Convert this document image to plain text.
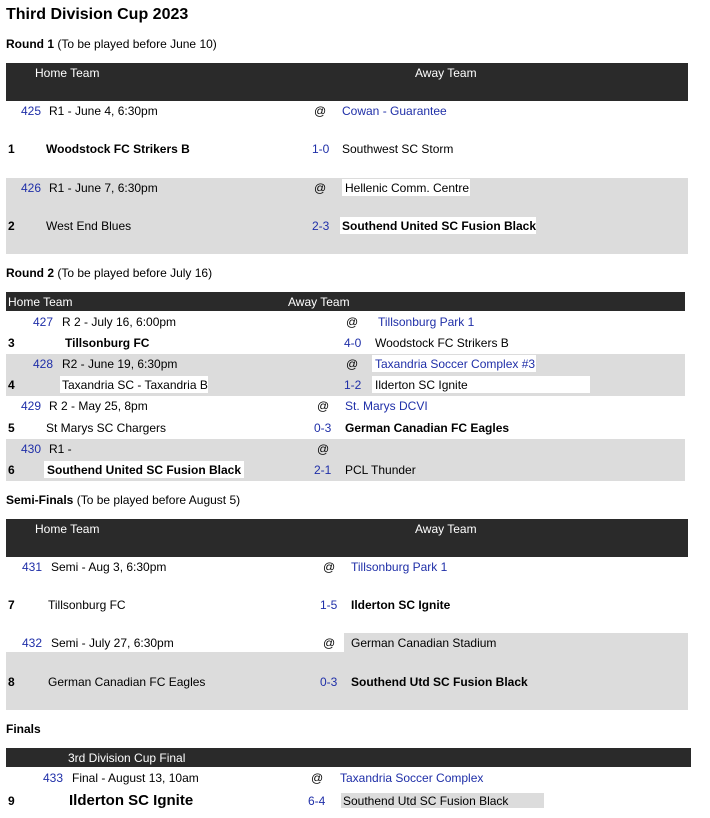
Third Division Cup 2023
Round 1 (To be played before June 10)
Home Team	Away Team
425 R1 - June 4, 6:30pm	@ Cowan - Guarantee
1	Woodstock FC Strikers B	1-0 Southwest SC Storm
426 R1 - June 7, 6:30pm	@ Hellenic Comm. Centre
2	West End Blues	2-3 Southend United SC Fusion Black
Round 2 (To be played before July 16)
Home Team	Away Team
427 R 2 - July 16, 6:00pm	@ Tillsonburg Park 1
3	Tillsonburg FC	4-0 Woodstock FC Strikers B
428 R2 - June 19, 6:30pm	@ Taxandria Soccer Complex #3
4	Taxandria SC - Taxandria B	1-2 Ilderton SC Ignite
429 R 2 - May 25, 8pm	@ St. Marys DCVI
5	St Marys SC Chargers	0-3 German Canadian FC Eagles
430 R1 -	@
6	Southend United SC Fusion Black	2-1 PCL Thunder
Semi-Finals (To be played before August 5)
Home Team	Away Team
431 Semi - Aug 3, 6:30pm	@ Tillsonburg Park 1
7	Tillsonburg FC	1-5 Ilderton SC Ignite
432 Semi - July 27, 6:30pm	@ German Canadian Stadium
8	German Canadian FC Eagles	0-3 Southend Utd SC Fusion Black
Finals
3rd Division Cup Final
433 Final - August 13, 10am	@ Taxandria Soccer Complex
9	Ilderton SC Ignite	6-4 Southend Utd SC Fusion Black
